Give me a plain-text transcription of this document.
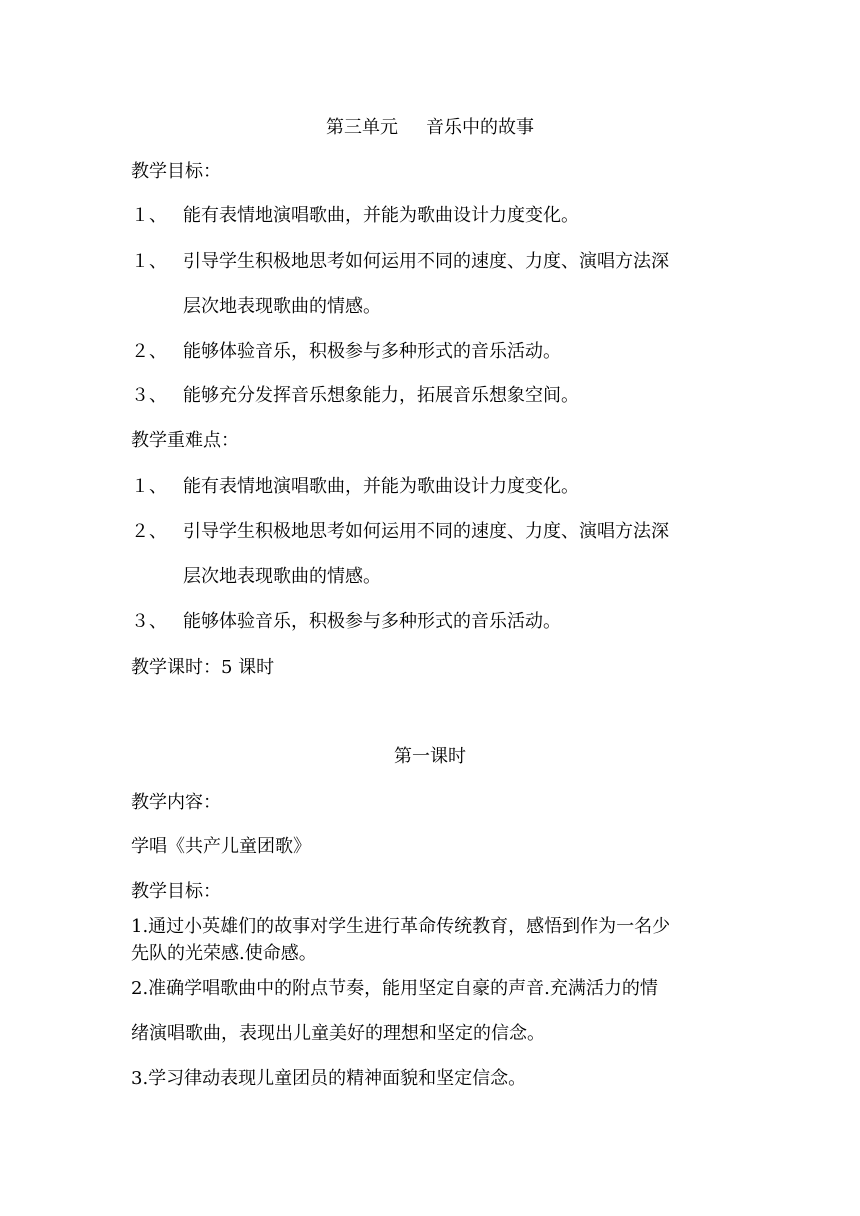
第三单元 音乐中的故事
教学目标：
１、 能有表情地演唱歌曲，并能为歌曲设计力度变化。
１、 引导学生积极地思考如何运用不同的速度、力度、演唱方法深
层次地表现歌曲的情感。
２、 能够体验音乐，积极参与多种形式的音乐活动。
３、 能够充分发挥音乐想象能力，拓展音乐想象空间。
教学重难点：
１、 能有表情地演唱歌曲，并能为歌曲设计力度变化。
２、 引导学生积极地思考如何运用不同的速度、力度、演唱方法深
层次地表现歌曲的情感。
３、 能够体验音乐，积极参与多种形式的音乐活动。
教学课时：5 课时
第一课时
教学内容：
学唱《共产儿童团歌》
教学目标：
1.通过小英雄们的故事对学生进行革命传统教育，感悟到作为一名少
先队的光荣感.使命感。
2.准确学唱歌曲中的附点节奏，能用坚定自豪的声音.充满活力的情
绪演唱歌曲，表现出儿童美好的理想和坚定的信念。
3.学习律动表现儿童团员的精神面貌和坚定信念。
